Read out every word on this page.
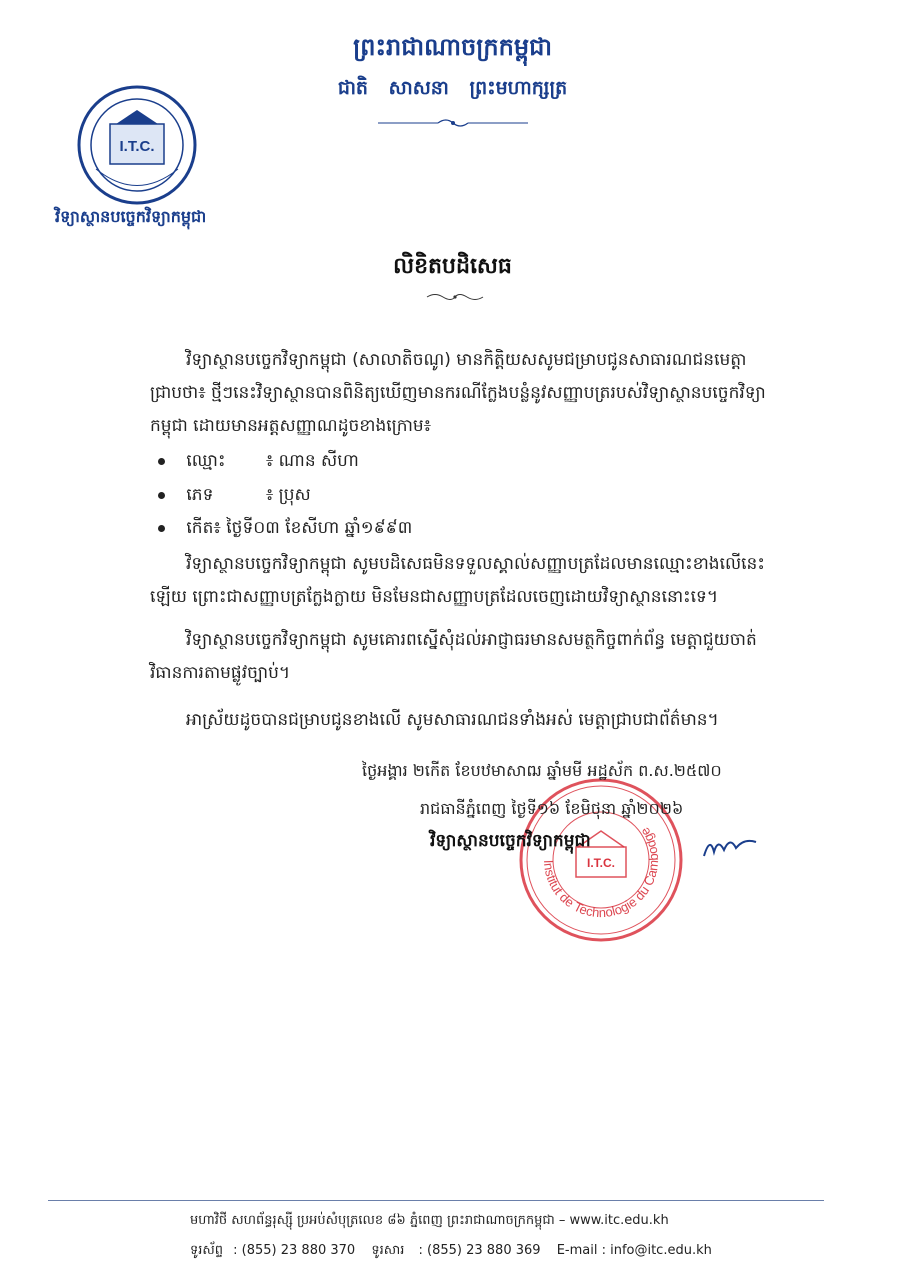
ព្រះរាជាណាចក្រកម្ពុជា
ជាតិ សាសនា ព្រះមហាក្សត្រ
I.T.C.
វិទ្យាស្ថានបច្ចេកវិទ្យាកម្ពុជា
លិខិតបដិសេធ
វិទ្យាស្ថានបច្ចេកវិទ្យាកម្ពុជា (សាលាតិចណូ) មានកិត្តិយសសូមជម្រាបជូនសាធារណជនមេត្តា
ជ្រាបថា៖ ថ្មីៗនេះវិទ្យាស្ថានបានពិនិត្យឃើញមានករណីក្លែងបន្លំនូវសញ្ញាបត្ររបស់វិទ្យាស្ថានបច្ចេកវិទ្យា
កម្ពុជា ដោយមានអត្តសញ្ញាណដូចខាងក្រោម៖
ឈ្មោះ ៖ ណាន សីហា
ភេទ	៖ ប្រុស
កើត៖ ថ្ងៃទី០៣ ខែសីហា ឆ្នាំ១៩៩៣
វិទ្យាស្ថានបច្ចេកវិទ្យាកម្ពុជា សូមបដិសេធមិនទទួលស្គាល់សញ្ញាបត្រដែលមានឈ្មោះខាងលើនេះ
ឡើយ ព្រោះជាសញ្ញាបត្រក្លែងក្លាយ មិនមែនជាសញ្ញាបត្រដែលចេញដោយវិទ្យាស្ថាននោះទេ។
វិទ្យាស្ថានបច្ចេកវិទ្យាកម្ពុជា សូមគោរពស្នើសុំដល់អាជ្ញាធរមានសមត្ថកិច្ចពាក់ព័ន្ធ មេត្តាជួយចាត់
វិធានការតាមផ្លូវច្បាប់។
អាស្រ័យដូចបានជម្រាបជូនខាងលើ សូមសាធារណជនទាំងអស់ មេត្តាជ្រាបជាព័ត៌មាន។
Institut de Technologie du Cambodge
I.T.C.
ថ្ងៃអង្គារ ២កើត ខែបឋមាសាឍ ឆ្នាំមមី អដ្ឋស័ក ព.ស.២៥៧០
រាជធានីភ្នំពេញ ថ្ងៃទី១៦ ខែមិថុនា ឆ្នាំ២០២៦
វិទ្យាស្ថានបច្ចេកវិទ្យាកម្ពុជា
មហាវិថី សហព័ន្ធរុស្ស៊ី ប្រអប់សំបុត្រលេខ ៨៦ ភ្នំពេញ ព្រះរាជាណាចក្រកម្ពុជា – www.itc.edu.kh
ទូរស័ព្ទ : (855) 23 880 370 ទូរសារ : (855) 23 880 369 E-mail : info@itc.edu.kh
